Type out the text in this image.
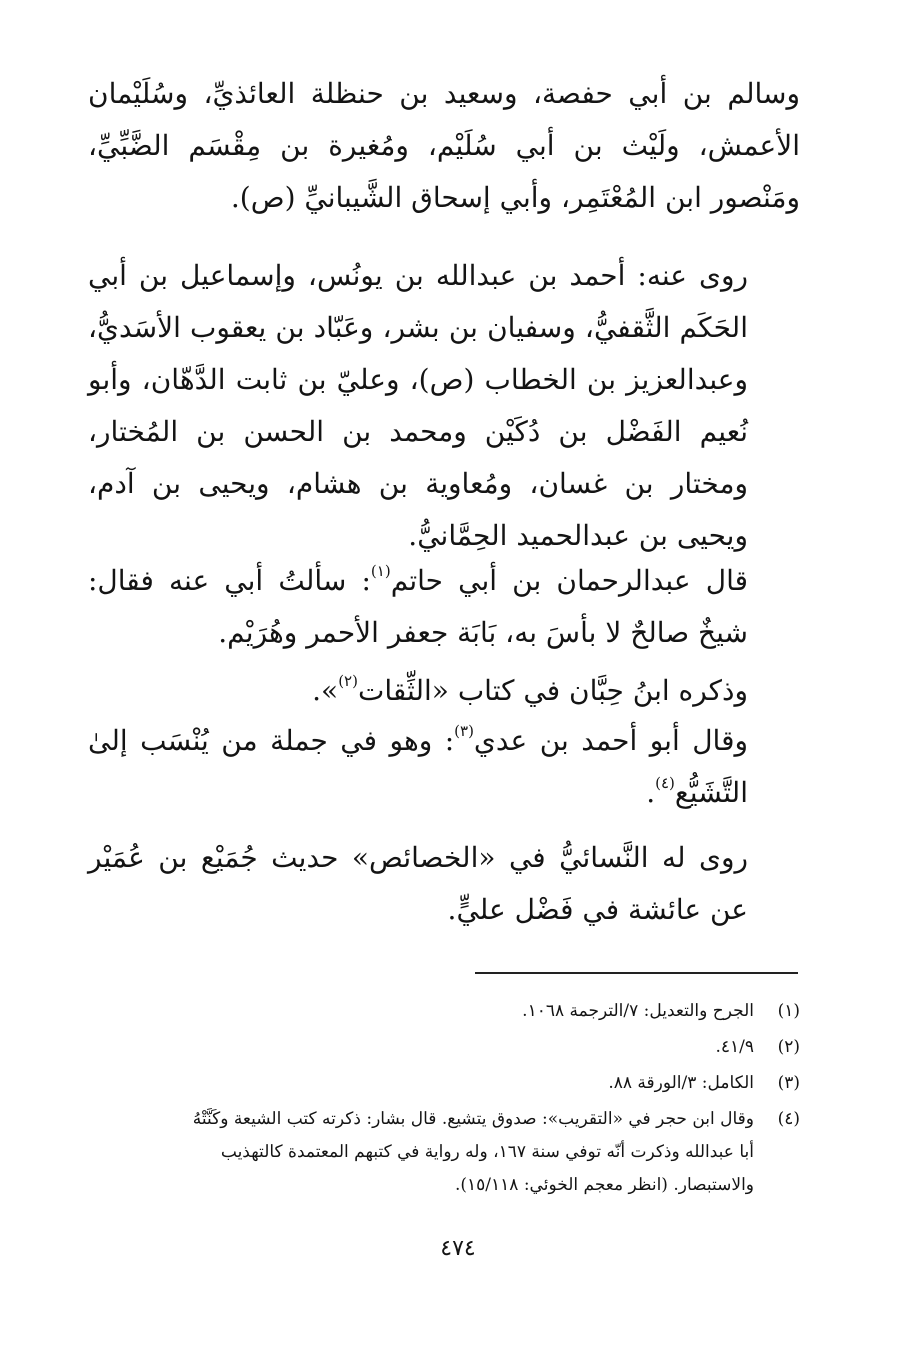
وسالم بن أبي حفصة، وسعيد بن حنظلة العائذيِّ، وسُلَيْمان الأعمش، ولَيْث بن أبي سُلَيْم، ومُغيرة بن مِقْسَم الضَّبِّيِّ، ومَنْصور ابن المُعْتَمِر، وأبي إسحاق الشَّيبانيِّ (ص).

روى عنه: أحمد بن عبدالله بن يونُس، وإسماعيل بن أبي الحَكَم الثَّقفيُّ، وسفيان بن بشر، وعَبّاد بن يعقوب الأسَديُّ، وعبدالعزيز بن الخطاب (ص)، وعليّ بن ثابت الدَّهّان، وأبو نُعيم الفَضْل بن دُكَيْن ومحمد بن الحسن بن المُختار، ومختار بن غسان، ومُعاوية بن هشام، ويحيى بن آدم، ويحيى بن عبدالحميد الحِمَّانيُّ.

قال عبدالرحمان بن أبي حاتم$^{(١)}$: سألتُ أبي عنه فقال: شيخٌ صالحٌ لا بأسَ به، بَابَة جعفر الأحمر وهُرَيْم.

وذكره ابنُ حِبَّان في كتاب «الثِّقات$^{(٢)}$».

وقال أبو أحمد بن عدي$^{(٣)}$: وهو في جملة من يُنْسَب إلىٰ التَّشَيُّع$^{(٤)}$.

روى له النَّسائيُّ في «الخصائص» حديث جُمَيْع بن عُمَيْر عن عائشة في فَضْل عليٍّ.

(١)
الجرح والتعديل: ٧/الترجمة ١٠٦٨.
(٢)
٤١/٩.
(٣)
الكامل: ٣/الورقة ٨٨.
(٤)
وقال ابن حجر في «التقريب»: صدوق يتشيع. قال بشار: ذكرته كتب الشيعة وكَنَّتْهُ
أبا عبدالله وذكرت أنّه توفي سنة ١٦٧، وله رواية في كتبهم المعتمدة كالتهذيب
والاستبصار. (انظر معجم الخوئي: ١٥/١١٨).
٤٧٤
